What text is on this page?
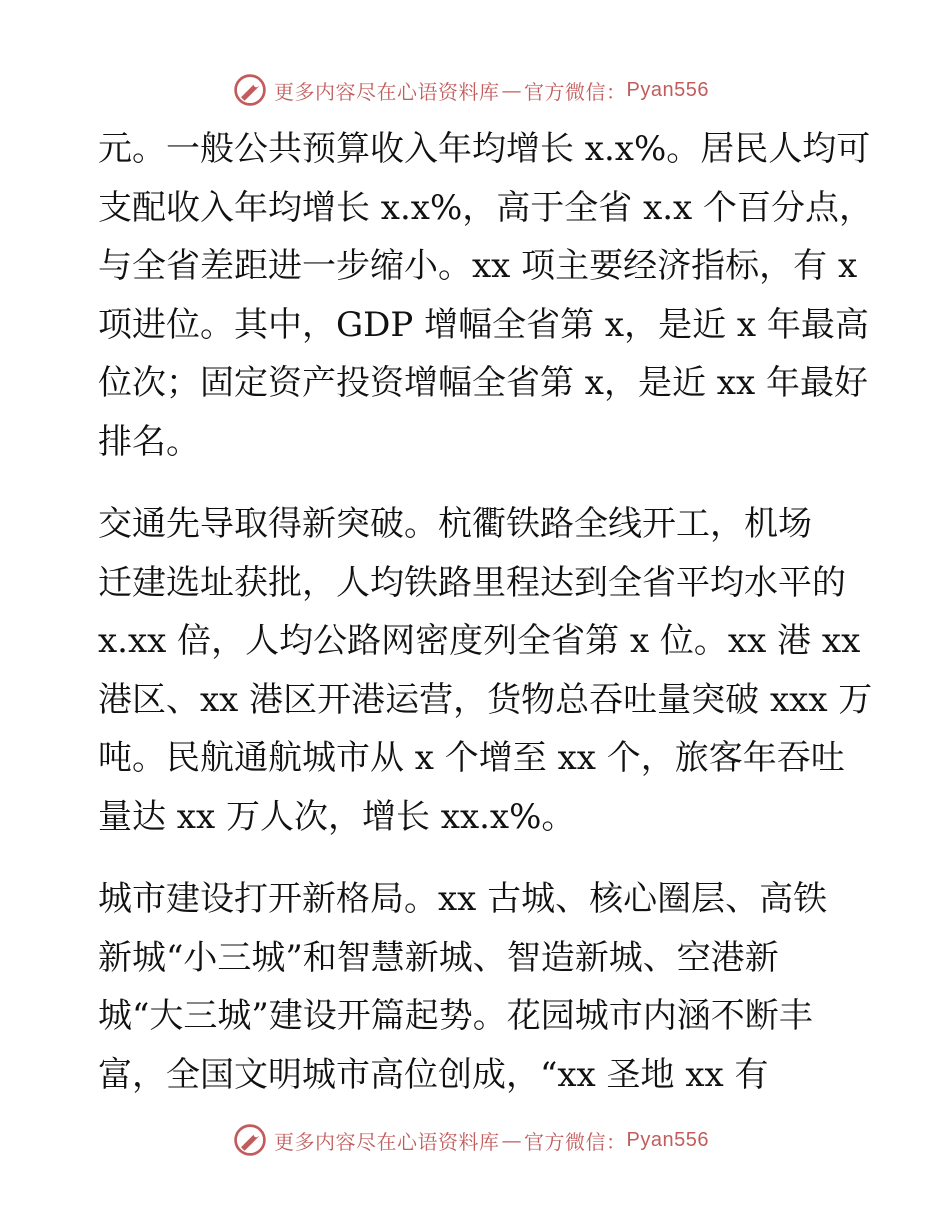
更多内容尽在心语资料库 — 官方微信： Pyan556

元。一般公共预算收入年均增长 x.x%。居民人均可
支配收入年均增长 x.x%，高于全省 x.x 个百分点，
与全省差距进一步缩小。xx 项主要经济指标，有 x
项进位。其中，GDP 增幅全省第 x，是近 x 年最高
位次；固定资产投资增幅全省第 x，是近 xx 年最好
排名。

交通先导取得新突破。杭衢铁路全线开工，机场
迁建选址获批，人均铁路里程达到全省平均水平的
x.xx 倍，人均公路网密度列全省第 x 位。xx 港 xx
港区、xx 港区开港运营，货物总吞吐量突破 xxx 万
吨。民航通航城市从 x 个增至 xx 个，旅客年吞吐
量达 xx 万人次，增长 xx.x%。

城市建设打开新格局。xx 古城、核心圈层、高铁
新城“小三城”和智慧新城、智造新城、空港新
城“大三城”建设开篇起势。花园城市内涵不断丰
富，全国文明城市高位创成，“xx 圣地 xx 有

更多内容尽在心语资料库 — 官方微信： Pyan556
